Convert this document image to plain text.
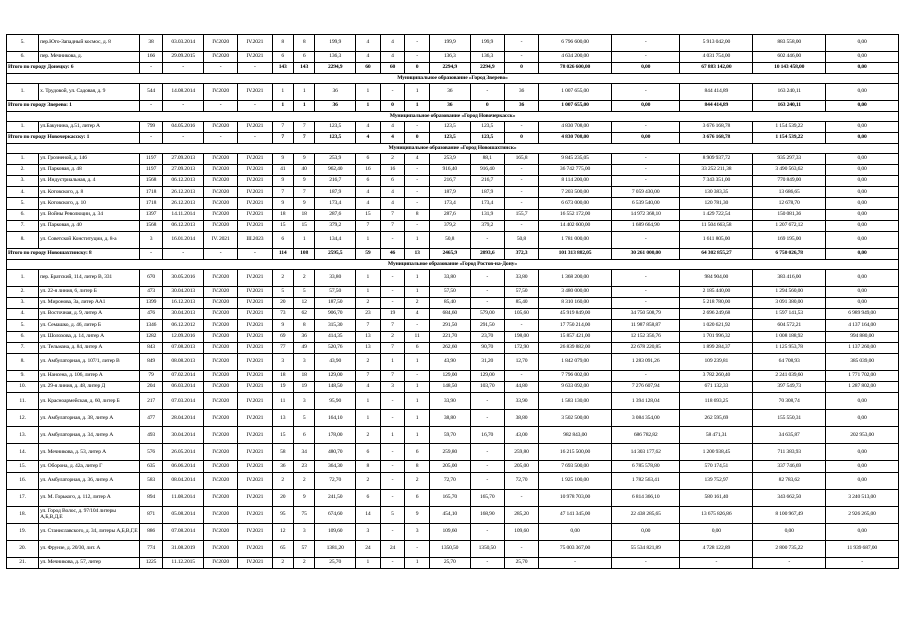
5.	пер.Юго-Западный космос, д. 8	38	03.03.2014	IV.2020	IV.2021	8	8	199,9	4	4	-	199,9	199,9	-	6 796 600,00	-	5 913 042,00	883 558,00	0,00
6.	пер. Мечникова, д.	166	29.09.2015	IV.2020	IV.2021	6	6	136,3	4	4	-	136,3	136,3	-	4 634 200,00	-	4 031 754,00	602 446,00	0,00
Итого по городу Донецку: 6		-	-	-	-	143	143	2294,9	60	60	0	2294,9	2294,9	0	78 026 600,00	0,00	67 883 142,00	10 143 458,00	0,00
Муниципальное образование «Город Зверево»																			
1.	х. Трудовой, ул. Садовая, д. 9	544	14.08.2014	IV.2020	IV.2021	1	1	36	1	-	1	36	-	36	1 007 655,00	-	844 414,89	163 240,11	0,00
Итого по городу Зверево: 1		-	-	-	-	1	1	36	1	0	1	36	0	36	1 007 655,00	0,00	844 414,89	163 240,11	0,00
Муниципальное образование «Город Новочеркасск»																			
1.	ул.Бакунина, д.51, литер А	799	04.05.2016	IV.2020	IV.2021	7	7	123,5	4	4	-	123,5	123,5	-	4 830 708,00	-	3 676 168,78	1 154 539,22	0,00
Итого по городу Новочеркасску: 1		-	-	-	-	7	7	123,5	4	4	0	123,5	123,5	0	4 830 708,00	0,00	3 676 168,78	1 154 539,22	0,00
Муниципальное образование «Город Новошахтинск»																			
1.	ул. Грозненой, д. 146	1197	27.09.2013	IV.2020	IV.2021	9	9	253,9	6	2	4	253,9	88,1	165,8	9 845 235,05	-	8 909 937,72	935 297,33	0,00
2.	ул. Парковая, д. 48	1197	27.09.2013	IV.2020	IV.2021	41	40	962,40	16	16	-	916,40	916,40	-	36 742 775,00	-	33 252 211,38	3 490 563,62	0,00
3.	ул. Индустриальная, д. 4	1568	06.12.2013	IV.2020	IV.2021	9	9	216,7	6	6	-	216,7	216,7	-	8 114 200,00	-	7 343 351,00	770 849,00	0,00
4.	ул. Котовского, д. 8	1718	26.12.2013	IV.2020	IV.2021	7	7	187,9	4	4	-	187,9	187,9	-	7 203 500,00	7 059 430,00	130 383,35	13 686,65	0,00
5.	ул. Котовского, д. 10	1718	26.12.2013	IV.2020	IV.2021	9	9	173,4	4	4	-	173,4	173,4	-	6 673 000,00	6 539 540,00	120 781,30	12 678,70	0,00
6.	ул. Войны Революции, д. 34	1397	14.11.2014	IV.2020	IV.2021	18	18	287,6	15	7	8	287,6	131,9	155,7	16 552 172,00	14 972 368,10	1 429 722,54	150 081,36	0,00
7.	ул. Парковая, д. 40	1568	06.12.2013	IV.2020	IV.2021	15	15	379,2	7	7	-	379,2	379,2	-	14 402 600,00	1 689 664,90	11 504 663,58	1 207 672,12	0,00
8.	ул. Советской Конституции, д. 8-а	3	16.01.2014	IV. 2021	III.2023	6	1	134,4	1	-	1	50,8	-	50,8	1 781 000,00	-	1 611 805,00	169 195,00	0,00
Итого по городу Новошахтинску: 8		-	-	-	-	114	108	2595,5	59	46	13	2465,9	2093,6	372,3	101 313 882,05	30 261 000,00	64 302 855,27	6 750 026,78	0,00
Муниципальное образование «Город Ростов-на-Дону»																			
1.	пер. Братский, 114, литер В, 331	670	30.05.2016	IV.2020	IV.2021	2	2	33,80	1	-	1	33,80	-	33,80	1 368 200,00	-	984 904,00	383 416,00	0,00
2.	ул. 22-я линия, 6, литер Б	473	30.04.2013	IV.2020	IV.2021	5	5	57,50	1	-	1	57,50	-	57,50	3 480 000,00	-	2 185 440,00	1 294 560,00	0,00
3.	ул. Миронова, 3а, литер АА1	1399	16.12.2013	IV.2020	IV.2021	20	12	187,50	2	-	2	85,40	-	85,40	8 310 160,00	-	5 218 780,00	3 091 380,00	0,00
4.	ул. Восточная, д. 9, литер А	476	30.04.2013	IV.2020	IV.2021	73	62	906,70	23	19	4	684,60	579,00	105,60	45 919 849,00	34 750 508,79	2 696 249,68	1 597 141,53	6 989 949,00
5.	ул. Семашко, д. 46, литер Б	1346	06.12.2012	IV.2020	IV.2021	9	8	315,30	7	7	-	291,50	291,50	-	17 750 214,00	11 987 858,87	1 020 621,92	604 572,21	4 137 164,00
6.	ул. Шолохова, д. 14, литер А	1282	12.09.2016	IV.2020	IV.2021	69	36	414,35	13	2	11	221,70	23,70	198,00	15 857 421,00	12 152 356,76	1 701 996,32	1 008 188,92	994 880,00
7.	ул. Тельмана, д. 84, литер А	843	07.08.2013	IV.2020	IV.2021	77	49	520,76	13	7	6	262,60	90,70	172,90	26 839 882,00	22 678 220,85	1 899 284,37	1 125 953,78	1 137 260,00
8.	ул. Амбулаторная, д. 107/1, литер В	849	08.08.2013	IV.2020	IV.2021	3	3	43,90	2	1	1	43,90	31,20	12,70	1 842 079,00	1 283 091,26	109 239,81	64 708,93	385 039,00
9.	ул. Нансена, д. 106, литер А	79	07.02.2014	IV.2020	IV.2021	18	18	129,00	7	7	-	129,00	129,00	-	7 796 002,00	-	3 782 260,40	2 241 039,60	1 771 702,00
10.	ул. 29-я линия, д. 48, литер Д	204	06.03.2014	IV.2020	IV.2021	19	19	148,50	4	3	1	148,50	103,70	44,80	9 633 092,00	7 276 607,94	671 132,33	397 549,73	1 287 802,00
11.	ул. Красноармейская, д. 60, литер Б	217	07.03.2014	IV.2020	IV.2021	11	3	95,90	1	-	1	33,90	-	33,90	1 583 130,00	1 394 128,04	118 693,25	70 308,74	0,00
12.	ул. Амбулаторная, д. 38, литер А	477	28.04.2014	IV.2020	IV.2021	13	5	164,10	1	-	1	38,80	-	38,80	3 502 500,00	3 084 354,00	262 595,69	155 550,31	0,00
13.	ул. Амбулаторная, д. 34, литер А	493	30.04.2014	IV.2020	IV.2021	15	6	178,00	2	1	1	59,70	16,70	43,00	982 843,00	686 782,82	58 471,31	34 635,87	202 953,00
14.	ул. Мечникова, д. 53, литер А	576	26.05.2014	IV.2020	IV.2021	58	34	480,70	6	-	6	259,80	-	259,80	16 215 500,00	14 303 177,62	1 200 938,45	711 383,93	0,00
15.	ул. Оборона, д. 42а, литер Г	635	06.06.2014	IV.2020	IV.2021	36	23	364,30	8	-	8	205,00	-	205,00	7 693 500,00	6 785 578,80	570 174,51	337 746,69	0,00
16.	ул. Амбулаторная, д. 36, литер А	583	08.04.2014	IV.2020	IV.2021	2	2	72,70	2	-	2	72,70	-	72,70	1 925 100,00	1 782 563,41	139 752,97	82 783,62	0,00
17.	ул. М. Горького, д. 112, литер А	894	11.08.2014	IV.2020	IV.2021	20	9	241,50	6	-	6	165,70	165,70	-	10 978 703,00	6 814 366,10	580 161,40	343 662,50	3 240 513,00
18.	ул. Город Волос, д. 97/104 литеры А,Б,В,Д,Е	871	05.08.2014	IV.2020	IV.2021	95	75	674,60	14	5	9	454,10	168,90	285,20	47 141 345,00	22 438 285,65	13 675 826,86	8 100 967,49	2 926 265,00
19.	ул. Станиславского, д. 34, литеры А,Б,В,Г,Е	886	07.08.2014	IV.2020	IV.2021	12	3	109,60	3	-	3	109,60	-	109,60	0,00	0,00	0,00	0,00	0,00
20.	ул. Фрунзе, д. 20/30, лит. А	774	31.08.2019	IV.2020	IV.2021	65	57	1381,20	24	24	-	1350,50	1350,50	-	75 003 367,00	55 534 821,89	4 728 122,89	2 800 735,22	11 939 687,00
21.	ул. Мечникова, д. 57, литер	1225	11.12.2015	IV.2020	IV.2021	2	2	25,70	1	-	1	25,70	-	25,70	-	-	-	-	-
